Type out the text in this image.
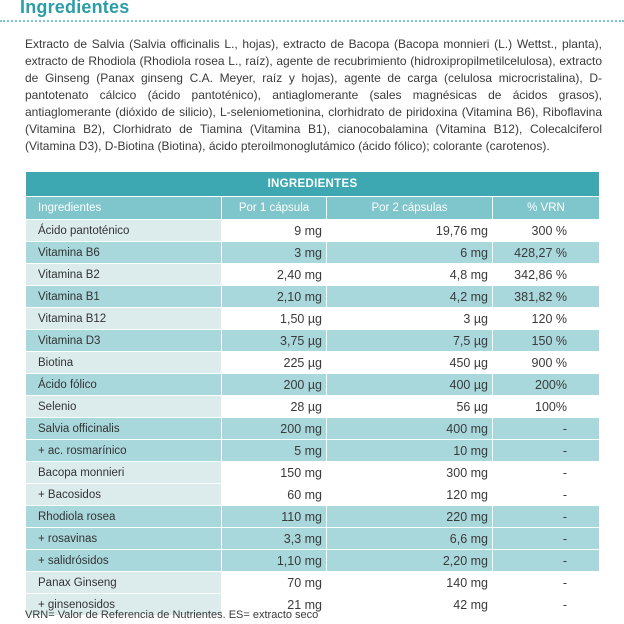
Ingredientes
Extracto de Salvia (Salvia officinalis L., hojas), extracto de Bacopa (Bacopa monnieri (L.) Wettst., planta), extracto de Rhodiola (Rhodiola rosea L., raíz), agente de recubrimiento (hidroxipropilmetilcelulosa), extracto de Ginseng (Panax ginseng C.A. Meyer, raíz y hojas), agente de carga (celulosa microcristalina), D-pantotenato cálcico (ácido pantoténico), antiaglomerante (sales magnésicas de ácidos grasos), antiaglomerante (dióxido de silicio), L-seleniometionina, clorhidrato de piridoxina (Vitamina B6), Riboflavina (Vitamina B2), Clorhidrato de Tiamina (Vitamina B1), cianocobalamina (Vitamina B12), Colecalciferol (Vitamina D3), D-Biotina (Biotina), ácido pteroilmonoglutámico (ácido fólico); colorante (carotenos).
INGREDIENTES			
Ingredientes	Por 1 cápsula	Por 2 cápsulas	% VRN
Ácido pantoténico	9 mg	19,76 mg	300 %
Vitamina B6	3 mg	6 mg	428,27 %
Vitamina B2	2,40 mg	4,8 mg	342,86 %
Vitamina B1	2,10 mg	4,2 mg	381,82 %
Vitamina B12	1,50 µg	3 µg	120 %
Vitamina D3	3,75 µg	7,5 µg	150 %
Biotina	225 µg	450 µg	900 %
Ácido fólico	200 µg	400 µg	200%
Selenio	28 µg	56 µg	100%
Salvia officinalis	200 mg	400 mg	-
+ ac. rosmarínico	5 mg	10 mg	-
Bacopa monnieri	150 mg	300 mg	-
+ Bacosidos	60 mg	120 mg	-
Rhodiola rosea	110 mg	220 mg	-
+ rosavinas	3,3 mg	6,6 mg	-
+ salidrósidos	1,10 mg	2,20 mg	-
Panax Ginseng	70 mg	140 mg	-
+ ginsenosidos	21 mg	42 mg	-
VRN= Valor de Referencia de Nutrientes. ES= extracto seco
